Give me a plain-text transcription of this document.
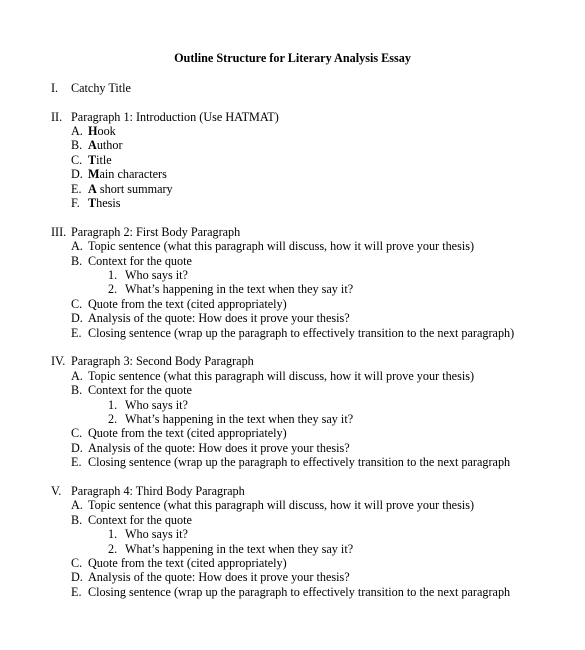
Outline Structure for Literary Analysis Essay
I. Catchy Title
II. Paragraph 1: Introduction (Use HATMAT)
A. Hook
B. Author
C. Title
D. Main characters
E. A short summary
F. Thesis
III. Paragraph 2: First Body Paragraph
A. Topic sentence (what this paragraph will discuss, how it will prove your thesis)
B. Context for the quote
1. Who says it?
2. What’s happening in the text when they say it?
C. Quote from the text (cited appropriately)
D. Analysis of the quote: How does it prove your thesis?
E. Closing sentence (wrap up the paragraph to effectively transition to the next paragraph)
IV. Paragraph 3: Second Body Paragraph
A. Topic sentence (what this paragraph will discuss, how it will prove your thesis)
B. Context for the quote
1. Who says it?
2. What’s happening in the text when they say it?
C. Quote from the text (cited appropriately)
D. Analysis of the quote: How does it prove your thesis?
E. Closing sentence (wrap up the paragraph to effectively transition to the next paragraph
V. Paragraph 4: Third Body Paragraph
A. Topic sentence (what this paragraph will discuss, how it will prove your thesis)
B. Context for the quote
1. Who says it?
2. What’s happening in the text when they say it?
C. Quote from the text (cited appropriately)
D. Analysis of the quote: How does it prove your thesis?
E. Closing sentence (wrap up the paragraph to effectively transition to the next paragraph
